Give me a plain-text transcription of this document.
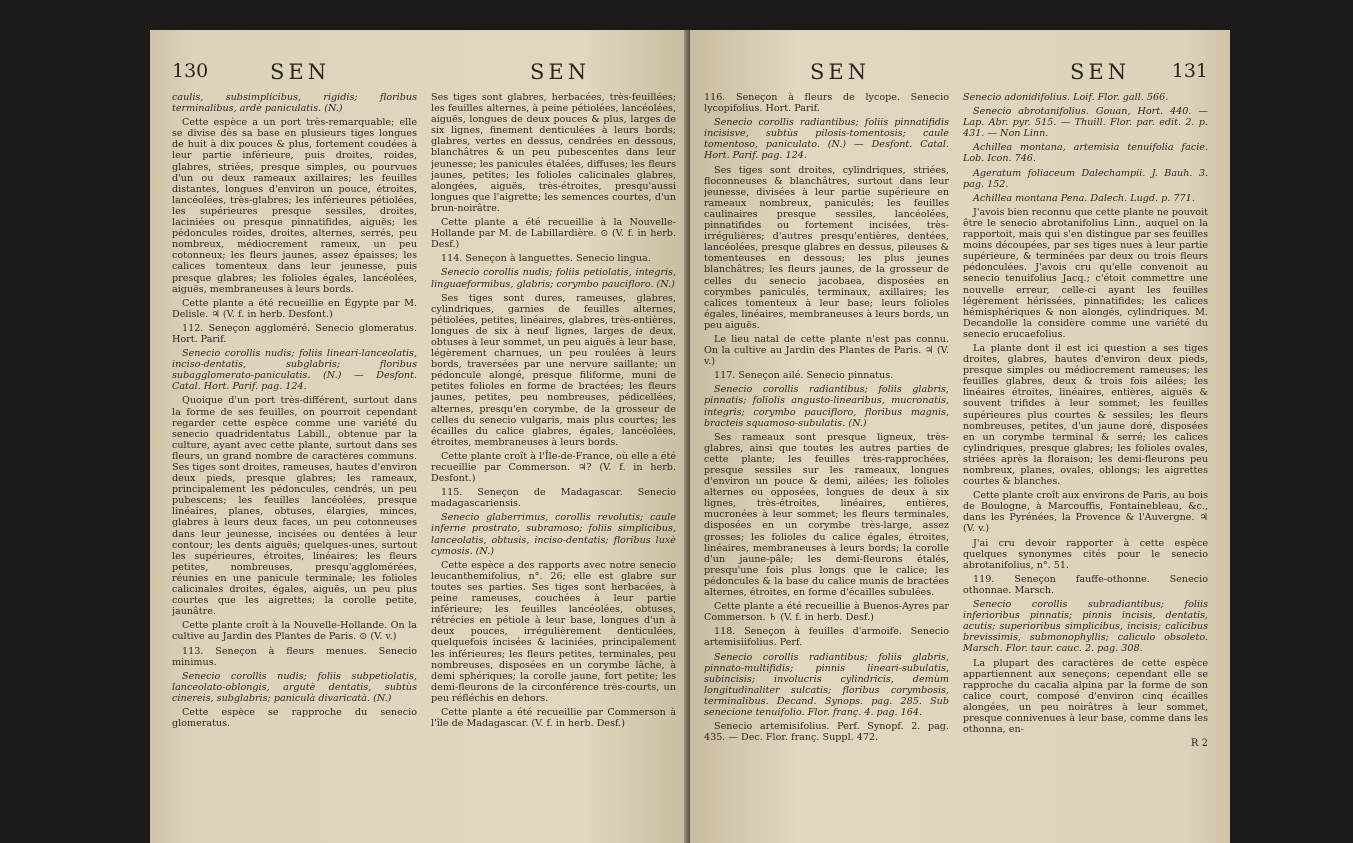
130	SEN	SEN

caulis, subsimplicibus, rigidis; floribus terminalibus, ardè paniculatis. (N.)

Cette espèce a un port très-remarquable; elle se divise dès sa base en plusieurs tiges longues de huit à dix pouces & plus, fortement coudées à leur partie inférieure, puis droites, roides, glabres, striées, presque simples, ou pourvues d'un ou deux rameaux axillaires; les feuilles distantes, longues d'environ un pouce, étroites, lancéolées, très-glabres; les inférieures pétiolées, les supérieures presque sessiles, droites, laciniées ou presque pinnatifides, aiguës; les pédoncules roides, droites, alternes, serrés, peu nombreux, médiocrement rameux, un peu cotonneux; les fleurs jaunes, assez épaisses; les calices tomenteux dans leur jeunesse, puis presque glabres; les folioles égales, lancéolées, aiguës, membraneuses à leurs bords.

Cette plante a été recueillie en Égypte par M. Delisle. ♃ (V. f. in herb. Desfont.)

112. Seneçon aggloméré. Senecio glomeratus. Hort. Parif.

Senecio corollis nudis; foliis lineari-lanceolatis, inciso-dentatis, subglabris; floribus subagglomerato-paniculatis. (N.) — Desfont. Catal. Hort. Parif. pag. 124.

Quoique d'un port très-différent, surtout dans la forme de ses feuilles, on pourroit cependant regarder cette espèce comme une variété du senecio quadridentatus Labill., obtenue par la culture, ayant avec cette plante, surtout dans ses fleurs, un grand nombre de caractères communs. Ses tiges sont droites, rameuses, hautes d'environ deux pieds, presque glabres; les rameaux, principalement les pédoncules, cendrés, un peu pubescens; les feuilles lancéolées, presque linéaires, planes, obtuses, élargies, minces, glabres à leurs deux faces, un peu cotonneuses dans leur jeunesse, incisées ou dentées à leur contour; les dents aiguës; quelques-unes, surtout les supérieures, étroites, linéaires; les fleurs petites, nombreuses, presqu'agglomérées, réunies en une panicule terminale; les folioles calicinales droites, égales, aiguës, un peu plus courtes que les aigrettes; la corolle petite, jaunâtre.

Cette plante croît à la Nouvelle-Hollande. On la cultive au Jardin des Plantes de Paris. ⊙ (V. v.)

113. Seneçon à fleurs menues. Senecio minimus.

Senecio corollis nudis; foliis subpetiolatis, lanceolato-oblongis, argutè dentatis, subtùs cinereis, subglabris; paniculà divaricatà. (N.)

Cette espèce se rapproche du senecio glomeratus.

Ses tiges sont glabres, herbacées, très-feuillées; les feuilles alternes, à peine pétiolées, lancéolées, aiguës, longues de deux pouces & plus, larges de six lignes, finement denticulées à leurs bords; glabres, vertes en dessus, cendrées en dessous, blanchâtres & un peu pubescentes dans leur jeunesse; les panicules étalées, diffuses; les fleurs jaunes, petites; les folioles calicinales glabres, alongées, aiguës, très-étroites, presqu'aussi longues que l'aigrette; les semences courtes, d'un brun-noirâtre.

Cette plante a été recueillie à la Nouvelle-Hollande par M. de Labillardière. ⊙ (V. f. in herb. Desf.)

114. Seneçon à languettes. Senecio lingua.

Senecio corollis nudis; foliis petiolatis, integris, linguaeformibus, glabris; corymbo paucifloro. (N.)

Ses tiges sont dures, rameuses, glabres, cylindriques, garnies de feuilles alternes, pétiolées, petites, linéaires, glabres, très-entières, longues de six à neuf lignes, larges de deux, obtuses à leur sommet, un peu aiguës à leur base, légèrement charnues, un peu roulées à leurs bords, traversées par une nervure saillante; un pédoncule alongé, presque filiforme, muni de petites folioles en forme de bractées; les fleurs jaunes, petites, peu nombreuses, pédicellées, alternes, presqu'en corymbe, de la grosseur de celles du senecio vulgaris, mais plus courtes; les écailles du calice glabres, égales, lancéolées, étroites, membraneuses à leurs bords.

Cette plante croît à l'Île-de-France, où elle a été recueillie par Commerson. ♃? (V. f. in herb. Desfont.)

115. Seneçon de Madagascar. Senecio madagascariensis.

Senecio glaberrimus, corollis revolutis; caule inferne prostrato, subramoso; foliis simplicibus, lanceolatis, obtusis, inciso-dentatis; floribus luxè cymosis. (N.)

Cette espèce a des rapports avec notre senecio leucanthemifolius, n°. 26; elle est glabre sur toutes ses parties. Ses tiges sont herbacées, à peine rameuses, couchées à leur partie inférieure; les feuilles lancéolées, obtuses, rétrécies en pétiole à leur base, longues d'un à deux pouces, irrégulièrement denticulées, quelquefois incisées & laciniées, principalement les inférieures; les fleurs petites, terminales, peu nombreuses, disposées en un corymbe lâche, à demi sphériques; la corolle jaune, fort petite; les demi-fleurons de la circonférence très-courts, un peu réfléchis en dehors.

Cette plante a été recueillie par Commerson à l'île de Madagascar. (V. f. in herb. Desf.)

SEN	SEN 131

116. Seneçon à fleurs de lycope. Senecio lycopifolius. Hort. Parif.

Senecio corollis radiantibus; foliis pinnatifidis incisisve, subtùs pilosis-tomentosis; caule tomentoso, paniculato. (N.) — Desfont. Catal. Hort. Parif. pag. 124.

Ses tiges sont droites, cylindriques, striées, floconneuses & blanchâtres, surtout dans leur jeunesse, divisées à leur partie supérieure en rameaux nombreux, paniculés; les feuilles caulinaires presque sessiles, lancéolées, pinnatifides ou fortement incisées, très-irrégulières; d'autres presqu'entières, dentées, lancéolées, presque glabres en dessus, pileuses & tomenteuses en dessous; les plus jeunes blanchâtres; les fleurs jaunes, de la grosseur de celles du senecio jacobaea, disposées en corymbes paniculés, terminaux, axillaires; les calices tomenteux à leur base; leurs folioles égales, linéaires, membraneuses à leurs bords, un peu aiguës.

Le lieu natal de cette plante n'est pas connu. On la cultive au Jardin des Plantes de Paris. ♃ (V. v.)

117. Seneçon ailé. Senecio pinnatus.

Senecio corollis radiantibus; foliis glabris, pinnatis; foliolis angusto-linearibus, mucronatis, integris; corymbo paucifloro, floribus magnis, bracteis squamoso-subulatis. (N.)

Ses rameaux sont presque ligneux, très-glabres, ainsi que toutes les autres parties de cette plante; les feuilles très-rapprochées, presque sessiles sur les rameaux, longues d'environ un pouce & demi, ailées; les folioles alternes ou opposées, longues de deux à six lignes, très-étroites, linéaires, entières, mucronées à leur sommet; les fleurs terminales, disposées en un corymbe très-large, assez grosses; les folioles du calice égales, étroites, linéaires, membraneuses à leurs bords; la corolle d'un jaune-pâle; les demi-fleurons étalés, presqu'une fois plus longs que le calice; les pédoncules & la base du calice munis de bractées alternes, étroites, en forme d'écailles subulées.

Cette plante a été recueillie à Buenos-Ayres par Commerson. ♄ (V. f. in herb. Desf.)

118. Seneçon à feuilles d'armoife. Senecio artemisiifolius. Perf.

Senecio corollis radiantibus; foliis glabris, pinnato-multifidis; pinnis lineari-subulatis, subincisis; involucris cylindricis, demùm longitudinaliter sulcatis; floribus corymbosis, terminalibus. Decand. Synops. pag. 285. Sub senecione tenuifolio. Flor. franç. 4. pag. 164.

Senecio artemisifolius. Perf. Synopf. 2. pag. 435. — Dec. Flor. franç. Suppl. 472.

Senecio adonidifolius. Loif. Flor. gall. 566.

Senecio abrotanifolius. Gouan, Hort. 440. — Lap. Abr. pyr. 515. — Thuill. Flor. par. edit. 2. p. 431. — Non Linn.

Achillea montana, artemisia tenuifolia facie. Lob. Icon. 746.

Ageratum foliaceum Dalechampii. J. Bauh. 3. pag. 152.

Achillea montana Pena. Dalech. Lugd. p. 771.

J'avois bien reconnu que cette plante ne pouvoit être le senecio abrotanifolius Linn., auquel on la rapportoit, mais qui s'en distingue par ses feuilles moins découpées, par ses tiges nues à leur partie supérieure, & terminées par deux ou trois fleurs pédonculées. J'avois cru qu'elle convenoit au senecio tenuifolius Jacq.; c'étoit commettre une nouvelle erreur, celle-ci ayant les feuilles légèrement hérissées, pinnatifides; les calices hémisphériques & non alongés, cylindriques. M. Decandolle la considère comme une variété du senecio erucaefolius.

La plante dont il est ici question a ses tiges droites, glabres, hautes d'environ deux pieds, presque simples ou médiocrement rameuses; les feuilles glabres, deux & trois fois ailées; les linéaires étroites, linéaires, entières, aiguës & souvent trifides à leur sommet; les feuilles supérieures plus courtes & sessiles; les fleurs nombreuses, petites, d'un jaune doré, disposées en un corymbe terminal & serré; les calices cylindriques, presque glabres; les folioles ovales, striées après la floraison; les demi-fleurons peu nombreux, planes, ovales, oblongs; les aigrettes courtes & blanches.

Cette plante croît aux environs de Paris, au bois de Boulogne, à Marcouffis, Fontainebleau, &c., dans les Pyrénées, la Provence & l'Auvergne. ♃ (V. v.)

J'ai cru devoir rapporter à cette espèce quelques synonymes cités pour le senecio abrotanifolius, n°. 51.

119. Seneçon fauffe-othonne. Senecio othonnae. Marsch.

Senecio corollis subradiantibus; foliis inferioribus pinnatis; pinnis incisis, dentatis, acutis; superioribus simplicibus, incisis; calicibus brevissimis, submonophyllis; caliculo obsoleto. Marsch. Flor. taur. cauc. 2. pag. 308.

La plupart des caractères de cette espèce appartiennent aux seneçons; cependant elle se rapproche du cacalia alpina par la forme de son calice court, composé d'environ cinq écailles alongées, un peu noirâtres à leur sommet, presque connivenues à leur base, comme dans les othonna, en-

R 2
